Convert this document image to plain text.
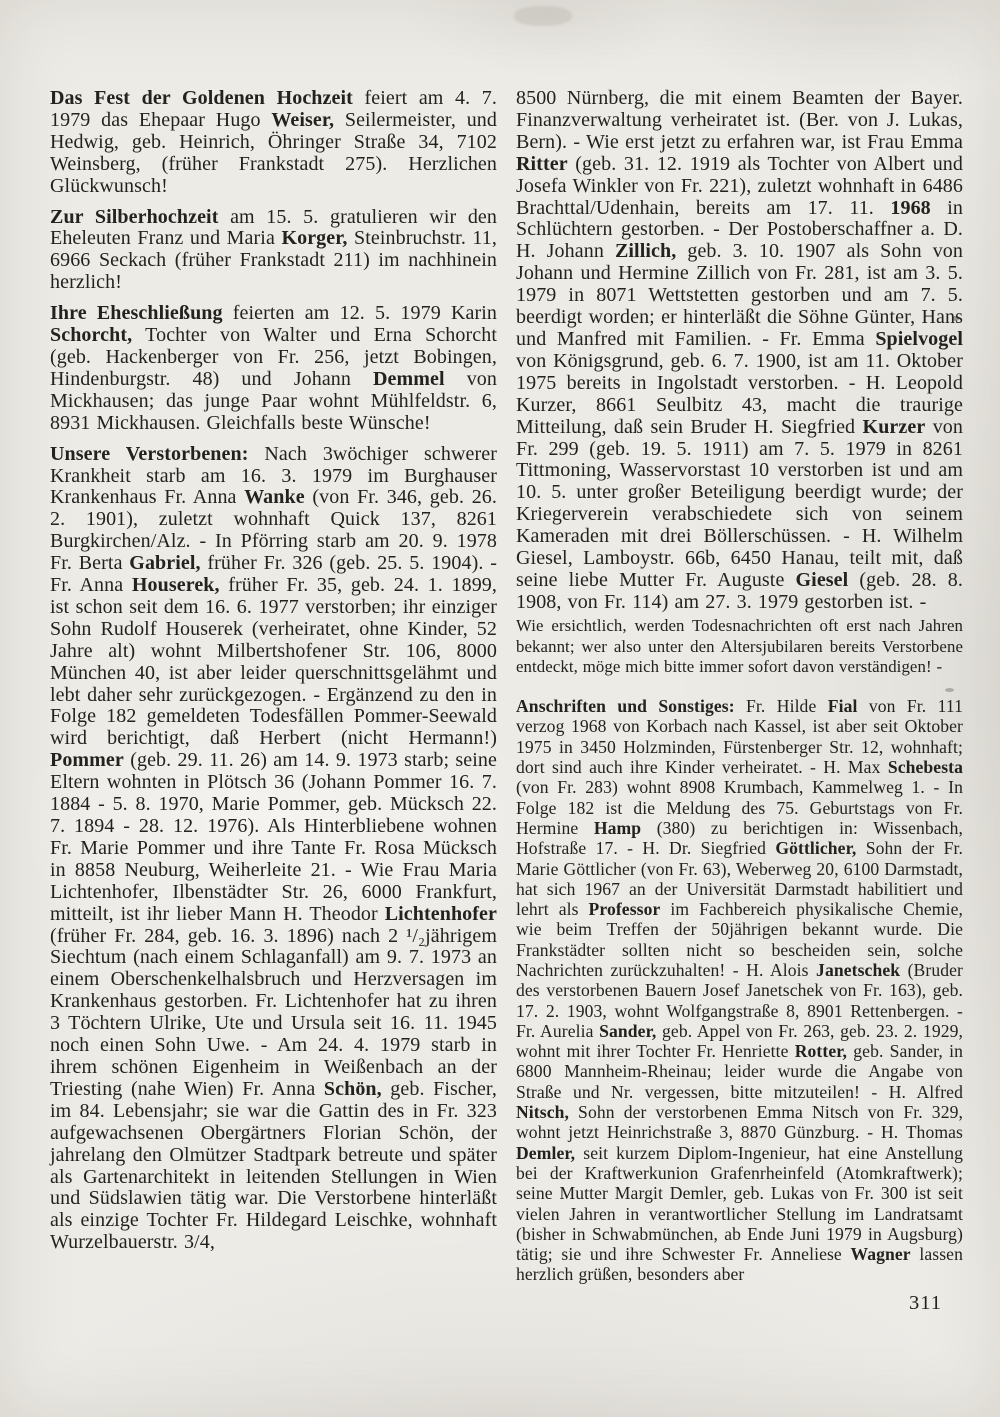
Das Fest der Goldenen Hochzeit feiert am 4. 7. 1979 das Ehepaar Hugo Weiser, Seilermeister, und Hedwig, geb. Heinrich, Öhringer Straße 34, 7102 Weinsberg, (früher Frankstadt 275). Herzlichen Glückwunsch!

Zur Silberhochzeit am 15. 5. gratulieren wir den Eheleuten Franz und Maria Korger, Steinbruchstr. 11, 6966 Seckach (früher Frankstadt 211) im nachhinein herzlich!

Ihre Eheschließung feierten am 12. 5. 1979 Karin Schorcht, Tochter von Walter und Erna Schorcht (geb. Hackenberger von Fr. 256, jetzt Bobingen, Hindenburgstr. 48) und Johann Demmel von Mickhausen; das junge Paar wohnt Mühlfeldstr. 6, 8931 Mickhausen. Gleichfalls beste Wünsche!

Unsere Verstorbenen: Nach 3wöchiger schwerer Krankheit starb am 16. 3. 1979 im Burghauser Krankenhaus Fr. Anna Wanke (von Fr. 346, geb. 26. 2. 1901), zuletzt wohnhaft Quick 137, 8261 Burgkirchen/Alz. - In Pförring starb am 20. 9. 1978 Fr. Berta Gabriel, früher Fr. 326 (geb. 25. 5. 1904). - Fr. Anna Houserek, früher Fr. 35, geb. 24. 1. 1899, ist schon seit dem 16. 6. 1977 verstorben; ihr einziger Sohn Rudolf Houserek (verheiratet, ohne Kinder, 52 Jahre alt) wohnt Milbertshofener Str. 106, 8000 München 40, ist aber leider querschnittsgelähmt und lebt daher sehr zurückgezogen. - Ergänzend zu den in Folge 182 gemeldeten Todesfällen Pommer-Seewald wird berichtigt, daß Herbert (nicht Hermann!) Pommer (geb. 29. 11. 26) am 14. 9. 1973 starb; seine Eltern wohnten in Plötsch 36 (Johann Pommer 16. 7. 1884 - 5. 8. 1970, Marie Pommer, geb. Mücksch 22. 7. 1894 - 28. 12. 1976). Als Hinterbliebene wohnen Fr. Marie Pommer und ihre Tante Fr. Rosa Mücksch in 8858 Neuburg, Weiherleite 21. - Wie Frau Maria Lichtenhofer, Ilbenstädter Str. 26, 6000 Frankfurt, mitteilt, ist ihr lieber Mann H. Theodor Lichtenhofer (früher Fr. 284, geb. 16. 3. 1896) nach 2 ¹/₂jährigem Siechtum (nach einem Schlaganfall) am 9. 7. 1973 an einem Oberschenkelhalsbruch und Herzversagen im Krankenhaus gestorben. Fr. Lichtenhofer hat zu ihren 3 Töchtern Ulrike, Ute und Ursula seit 16. 11. 1945 noch einen Sohn Uwe. - Am 24. 4. 1979 starb in ihrem schönen Eigenheim in Weißenbach an der Triesting (nahe Wien) Fr. Anna Schön, geb. Fischer, im 84. Lebensjahr; sie war die Gattin des in Fr. 323 aufgewachsenen Obergärtners Florian Schön, der jahrelang den Olmützer Stadtpark betreute und später als Gartenarchitekt in leitenden Stellungen in Wien und Südslawien tätig war. Die Verstorbene hinterläßt als einzige Tochter Fr. Hildegard Leischke, wohnhaft Wurzelbauerstr. 3/4,

8500 Nürnberg, die mit einem Beamten der Bayer. Finanzverwaltung verheiratet ist. (Ber. von J. Lukas, Bern). - Wie erst jetzt zu erfahren war, ist Frau Emma Ritter (geb. 31. 12. 1919 als Tochter von Albert und Josefa Winkler von Fr. 221), zuletzt wohnhaft in 6486 Brachttal/Udenhain, bereits am 17. 11. 1968 in Schlüchtern gestorben. - Der Postoberschaffner a. D. H. Johann Zillich, geb. 3. 10. 1907 als Sohn von Johann und Hermine Zillich von Fr. 281, ist am 3. 5. 1979 in 8071 Wettstetten gestorben und am 7. 5. beerdigt worden; er hinterläßt die Söhne Günter, Hans und Manfred mit Familien. - Fr. Emma Spielvogel von Königsgrund, geb. 6. 7. 1900, ist am 11. Oktober 1975 bereits in Ingolstadt verstorben. - H. Leopold Kurzer, 8661 Seulbitz 43, macht die traurige Mitteilung, daß sein Bruder H. Siegfried Kurzer von Fr. 299 (geb. 19. 5. 1911) am 7. 5. 1979 in 8261 Tittmoning, Wasservorstast 10 verstorben ist und am 10. 5. unter großer Beteiligung beerdigt wurde; der Kriegerverein verabschiedete sich von seinem Kameraden mit drei Böllerschüssen. - H. Wilhelm Giesel, Lamboystr. 66b, 6450 Hanau, teilt mit, daß seine liebe Mutter Fr. Auguste Giesel (geb. 28. 8. 1908, von Fr. 114) am 27. 3. 1979 gestorben ist. -

Wie ersichtlich, werden Todesnachrichten oft erst nach Jahren bekannt; wer also unter den Altersjubilaren bereits Verstorbene entdeckt, möge mich bitte immer sofort davon verständigen! -

Anschriften und Sonstiges: Fr. Hilde Fial von Fr. 111 verzog 1968 von Korbach nach Kassel, ist aber seit Oktober 1975 in 3450 Holzminden, Fürstenberger Str. 12, wohnhaft; dort sind auch ihre Kinder verheiratet. - H. Max Schebesta (von Fr. 283) wohnt 8908 Krumbach, Kammelweg 1. - In Folge 182 ist die Meldung des 75. Geburtstags von Fr. Hermine Hamp (380) zu berichtigen in: Wissenbach, Hofstraße 17. - H. Dr. Siegfried Göttlicher, Sohn der Fr. Marie Göttlicher (von Fr. 63), Weberweg 20, 6100 Darmstadt, hat sich 1967 an der Universität Darmstadt habilitiert und lehrt als Professor im Fachbereich physikalische Chemie, wie beim Treffen der 50jährigen bekannt wurde. Die Frankstädter sollten nicht so bescheiden sein, solche Nachrichten zurückzuhalten! - H. Alois Janetschek (Bruder des verstorbenen Bauern Josef Janetschek von Fr. 163), geb. 17. 2. 1903, wohnt Wolfgangstraße 8, 8901 Rettenbergen. - Fr. Aurelia Sander, geb. Appel von Fr. 263, geb. 23. 2. 1929, wohnt mit ihrer Tochter Fr. Henriette Rotter, geb. Sander, in 6800 Mannheim-Rheinau; leider wurde die Angabe von Straße und Nr. vergessen, bitte mitzuteilen! - H. Alfred Nitsch, Sohn der verstorbenen Emma Nitsch von Fr. 329, wohnt jetzt Heinrichstraße 3, 8870 Günzburg. - H. Thomas Demler, seit kurzem Diplom-Ingenieur, hat eine Anstellung bei der Kraftwerkunion Grafenrheinfeld (Atomkraftwerk); seine Mutter Margit Demler, geb. Lukas von Fr. 300 ist seit vielen Jahren in verantwortlicher Stellung im Landratsamt (bisher in Schwabmünchen, ab Ende Juni 1979 in Augsburg) tätig; sie und ihre Schwester Fr. Anneliese Wagner lassen herzlich grüßen, besonders aber

311
